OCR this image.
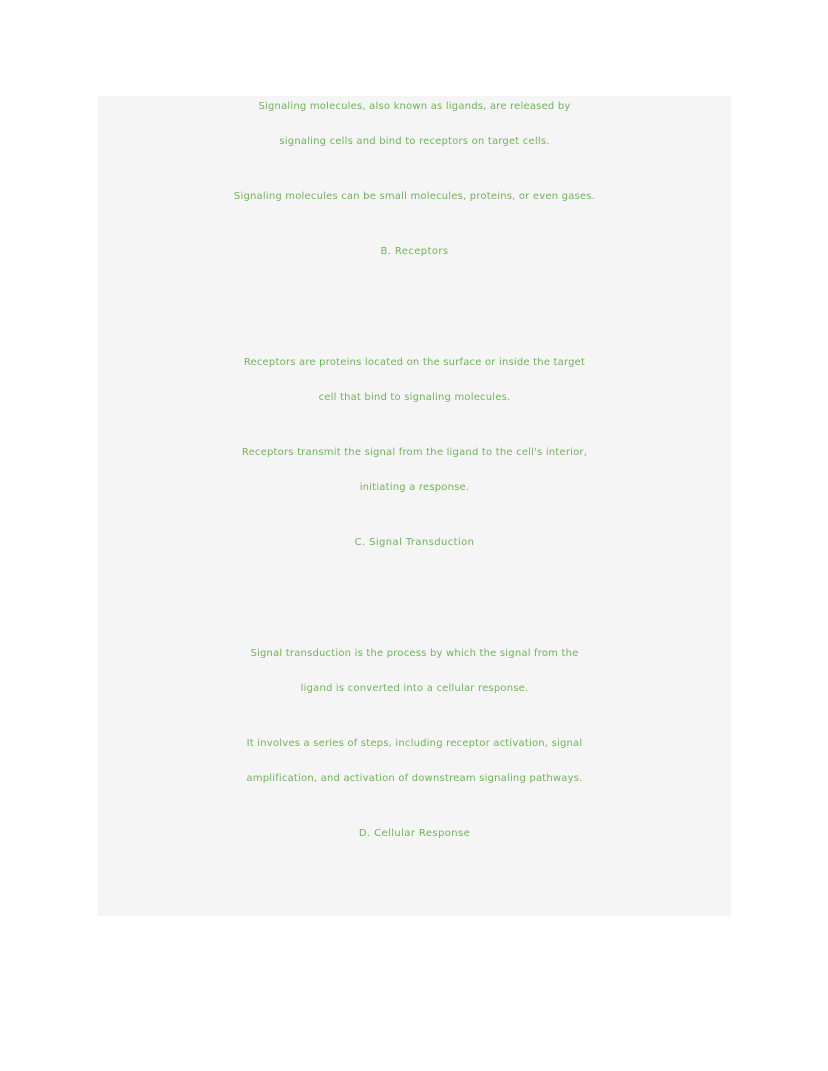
Signaling molecules, also known as ligands, are released by
signaling cells and bind to receptors on target cells.
Signaling molecules can be small molecules, proteins, or even gases.
B. Receptors
Receptors are proteins located on the surface or inside the target
cell that bind to signaling molecules.
Receptors transmit the signal from the ligand to the cell's interior,
initiating a response.
C. Signal Transduction
Signal transduction is the process by which the signal from the
ligand is converted into a cellular response.
It involves a series of steps, including receptor activation, signal
amplification, and activation of downstream signaling pathways.
D. Cellular Response
